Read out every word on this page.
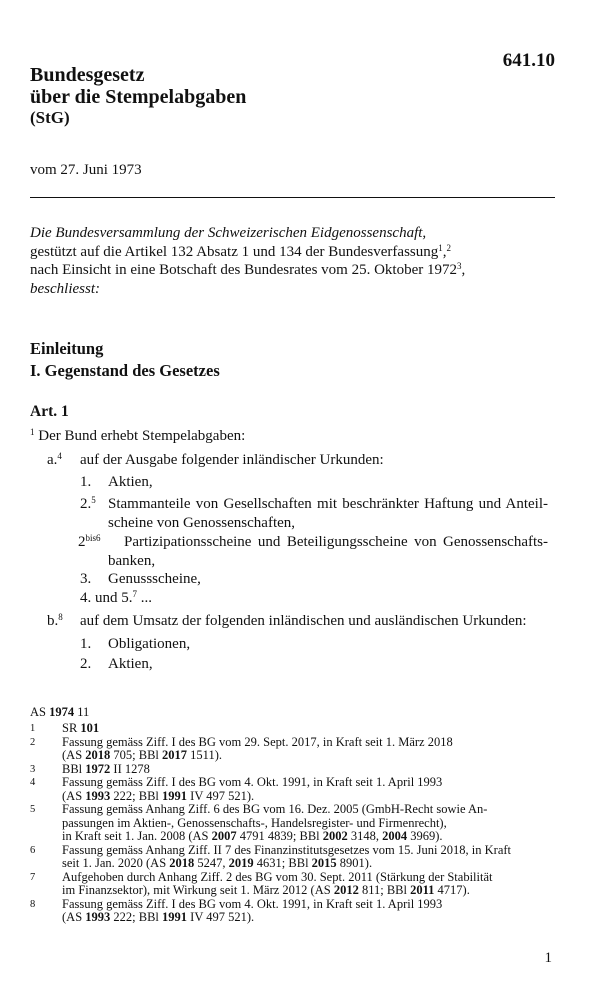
641.10
Bundesgesetz
über die Stempelabgaben
(StG)
vom 27. Juni 1973
Die Bundesversammlung der Schweizerischen Eidgenossenschaft,
gestützt auf die Artikel 132 Absatz 1 und 134 der Bundesverfassung$^1$,$^2$
nach Einsicht in eine Botschaft des Bundesrates vom 25. Oktober 1972$^3$,
beschliesst:
Einleitung
I. Gegenstand des Gesetzes
Art. 1
$^1$ Der Bund erhebt Stempelabgaben:
a.$^4$ auf der Ausgabe folgender inländischer Urkunden:
1. Aktien,
2.$^5$ Stammanteile von Gesellschaften mit beschränkter Haftung und Anteil-
scheine von Genossenschaften,
$2^{bis6}$ Partizipationsscheine und Beteiligungsscheine von Genossenschafts-
banken,
3. Genussscheine,
4. und 5.$^7$ ...
b.$^8$ auf dem Umsatz der folgenden inländischen und ausländischen Urkunden:
1. Obligationen,
2. Aktien,
AS 1974 11
1	SR 101
2	Fassung gemäss Ziff. I des BG vom 29. Sept. 2017, in Kraft seit 1. März 2018
(AS 2018 705; BBl 2017 1511).
3	BBl 1972 II 1278
4	Fassung gemäss Ziff. I des BG vom 4. Okt. 1991, in Kraft seit 1. April 1993
(AS 1993 222; BBl 1991 IV 497 521).
5	Fassung gemäss Anhang Ziff. 6 des BG vom 16. Dez. 2005 (GmbH-Recht sowie An-
passungen im Aktien-, Genossenschafts-, Handelsregister- und Firmenrecht),
in Kraft seit 1. Jan. 2008 (AS 2007 4791 4839; BBl 2002 3148, 2004 3969).
6	Fassung gemäss Anhang Ziff. II 7 des Finanzinstitutsgesetzes vom 15. Juni 2018, in Kraft
seit 1. Jan. 2020 (AS 2018 5247, 2019 4631; BBl 2015 8901).
7	Aufgehoben durch Anhang Ziff. 2 des BG vom 30. Sept. 2011 (Stärkung der Stabilität
im Finanzsektor), mit Wirkung seit 1. März 2012 (AS 2012 811; BBl 2011 4717).
8	Fassung gemäss Ziff. I des BG vom 4. Okt. 1991, in Kraft seit 1. April 1993
(AS 1993 222; BBl 1991 IV 497 521).
1
